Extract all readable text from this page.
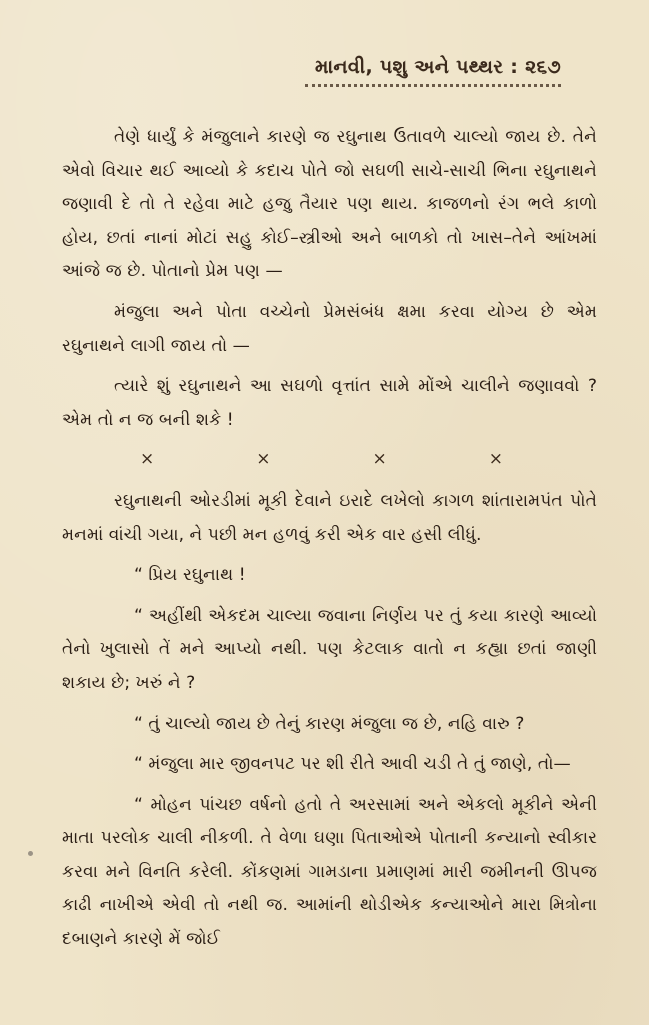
માનવી, પશુ અને પથ્થર : ૨૬૭

તેણે ધાર્યું કે મંજુલાને કારણે જ રઘુનાથ ઉતાવળે ચાલ્યો જાય છે. તેને એવો વિચાર થઈ આવ્યો કે કદાચ પોતે જો સઘળી સાચે-સાચી ભિના રઘુનાથને જણાવી દે તો તે રહેવા માટે હજુ તૈયાર પણ થાય. કાજળનો રંગ ભલે કાળો હોય, છતાં નાનાં મોટાં સહુ કોઈ–સ્ત્રીઓ અને બાળકો તો ખાસ–તેને આંખમાં આંજે જ છે. પોતાનો પ્રેમ પણ —

મંજુલા અને પોતા વચ્ચેનો પ્રેમસંબંધ ક્ષમા કરવા યોગ્ય છે એમ રઘુનાથને લાગી જાય તો —

ત્યારે શું રઘુનાથને આ સઘળો વૃત્તાંત સામે મોંએ ચાલીને જણાવવો ? એમ તો ન જ બની શકે !

×	×	×	×

રઘુનાથની ઓરડીમાં મૂકી દેવાને ઇરાદે લખેલો કાગળ શાંતારામપંત પોતે મનમાં વાંચી ગયા, ને પછી મન હળવું કરી એક વાર હસી લીધું.

“ પ્રિય રઘુનાથ !

“ અહીંથી એકદમ ચાલ્યા જવાના નિર્ણય પર તું કયા કારણે આવ્યો તેનો ખુલાસો તેં મને આપ્યો નથી. પણ કેટલાક વાતો ન કહ્યા છતાં જાણી શકાય છે; ખરું ને ?

“ તું ચાલ્યો જાય છે તેનું કારણ મંજુલા જ છે, નહિ વારુ ?

“ મંજુલા માર જીવનપટ પર શી રીતે આવી ચડી તે તું જાણે, તો—

“ મોહન પાંચછ વર્ષનો હતો તે અરસામાં અને એકલો મૂકીને એની માતા પરલોક ચાલી નીકળી. તે વેળા ઘણા પિતાઓએ પોતાની કન્યાનો સ્વીકાર કરવા મને વિનતિ કરેલી. કોંકણમાં ગામડાના પ્રમાણમાં મારી જમીનની ઊપજ કાઢી નાખીએ એવી તો નથી જ. આમાંની થોડીએક કન્યાઓને મારા મિત્રોના દબાણને કારણે મેં જોઈ
